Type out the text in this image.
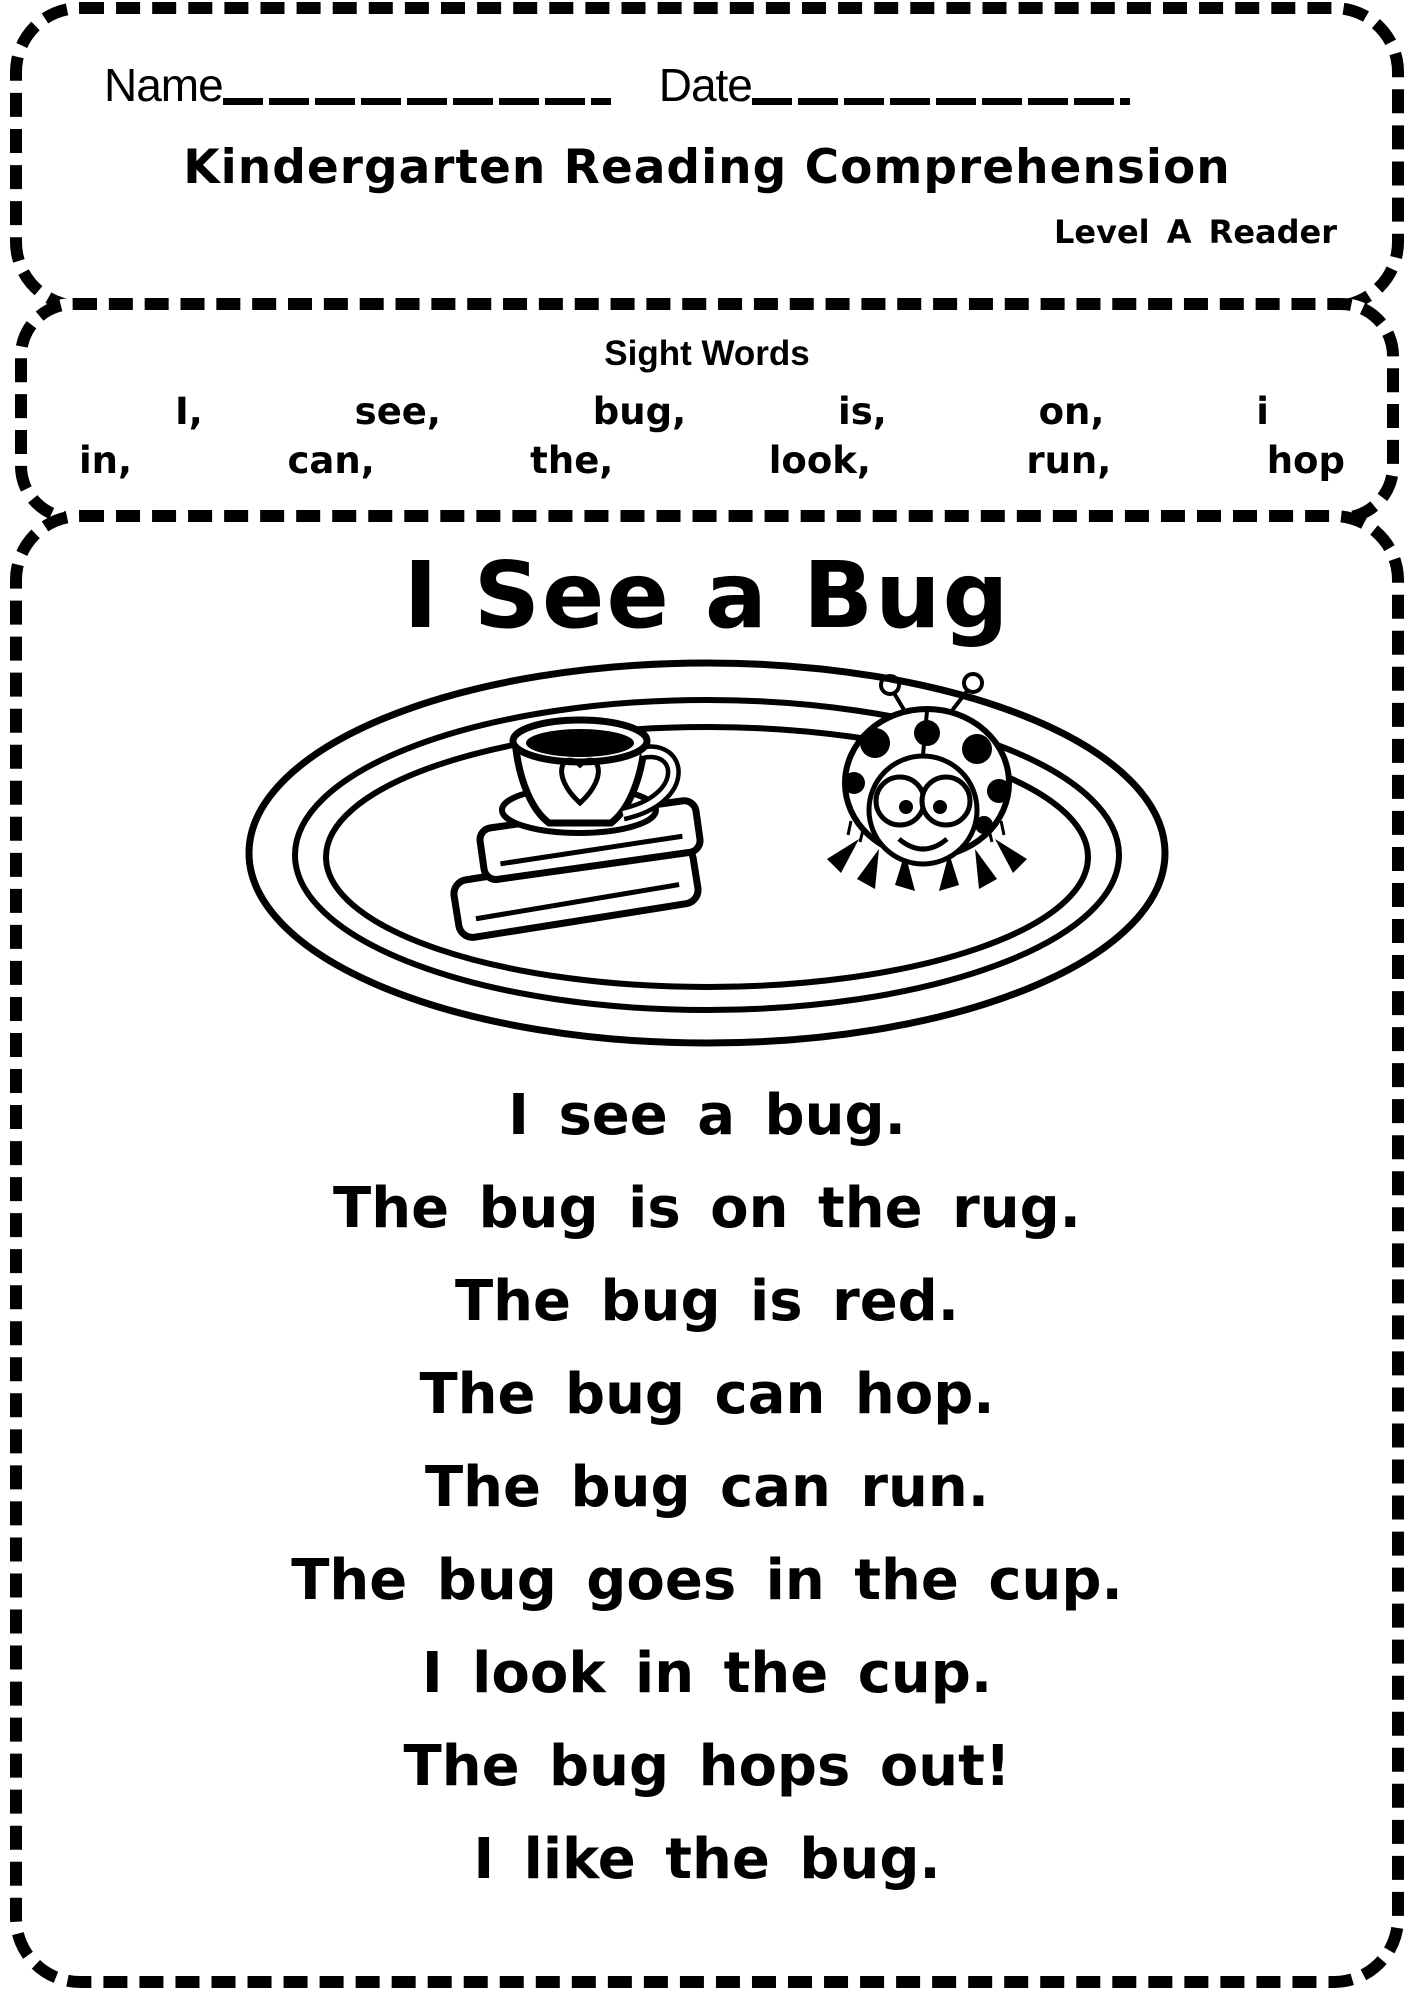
Name	Date
Kindergarten Reading Comprehension
Level A Reader
Sight Words
I,	see,	bug,	is,	on,	i
in,	can,	the,	look,	run,	hop
I See a Bug
I see a bug.
The bug is on the rug.
The bug is red.
The bug can hop.
The bug can run.
The bug goes in the cup.
I look in the cup.
The bug hops out!
I like the bug.
